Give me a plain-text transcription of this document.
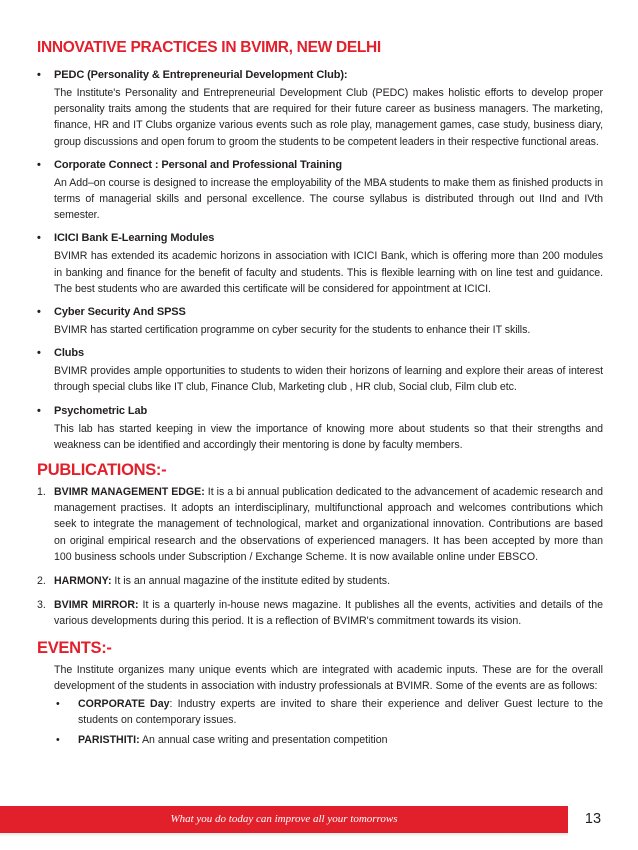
INNOVATIVE PRACTICES IN BVIMR, NEW DELHI
• PEDC (Personality & Entrepreneurial Development Club):
The Institute's Personality and Entrepreneurial Development Club (PEDC) makes holistic efforts to develop proper personality traits among the students that are required for their future career as business managers. The marketing, finance, HR and IT Clubs organize various events such as role play, management games, case study, business diary, group discussions and open forum to groom the students to be competent leaders in their respective functional areas.
• Corporate Connect : Personal and Professional Training
An Add–on course is designed to increase the employability of the MBA students to make them as finished products in terms of managerial skills and personal excellence. The course syllabus is distributed through out IInd and IVth semester.
• ICICI Bank E-Learning Modules
BVIMR has extended its academic horizons in association with ICICI Bank, which is offering more than 200 modules in banking and finance for the benefit of faculty and students. This is flexible learning with on line test and guidance. The best students who are awarded this certificate will be considered for appointment at ICICI.
• Cyber Security And SPSS
BVIMR has started certification programme on cyber security for the students to enhance their IT skills.
• Clubs
BVIMR provides ample opportunities to students to widen their horizons of learning and explore their areas of interest through special clubs like IT club, Finance Club, Marketing club , HR club, Social club, Film club etc.
• Psychometric Lab
This lab has started keeping in view the importance of knowing more about students so that their strengths and weakness can be identified and accordingly their mentoring is done by faculty members.
PUBLICATIONS:-
1. BVIMR MANAGEMENT EDGE: It is a bi annual publication dedicated to the advancement of academic research and management practises. It adopts an interdisciplinary, multifunctional approach and welcomes contributions which seek to integrate the management of technological, market and organizational innovation. Contributions are based on original empirical research and the observations of experienced managers. It has been accepted by more than 100 business schools under Subscription / Exchange Scheme. It is now available online under EBSCO.
2. HARMONY: It is an annual magazine of the institute edited by students.
3. BVIMR MIRROR: It is a quarterly in-house news magazine. It publishes all the events, activities and details of the various developments during this period. It is a reflection of BVIMR's commitment towards its vision.
EVENTS:-
The Institute organizes many unique events which are integrated with academic inputs. These are for the overall development of the students in association with industry professionals at BVIMR. Some of the events are as follows:
• CORPORATE Day: Industry experts are invited to share their experience and deliver Guest lecture to the students on contemporary issues.
• PARISTHITI: An annual case writing and presentation competition
What you do today can improve all your tomorrows	13
